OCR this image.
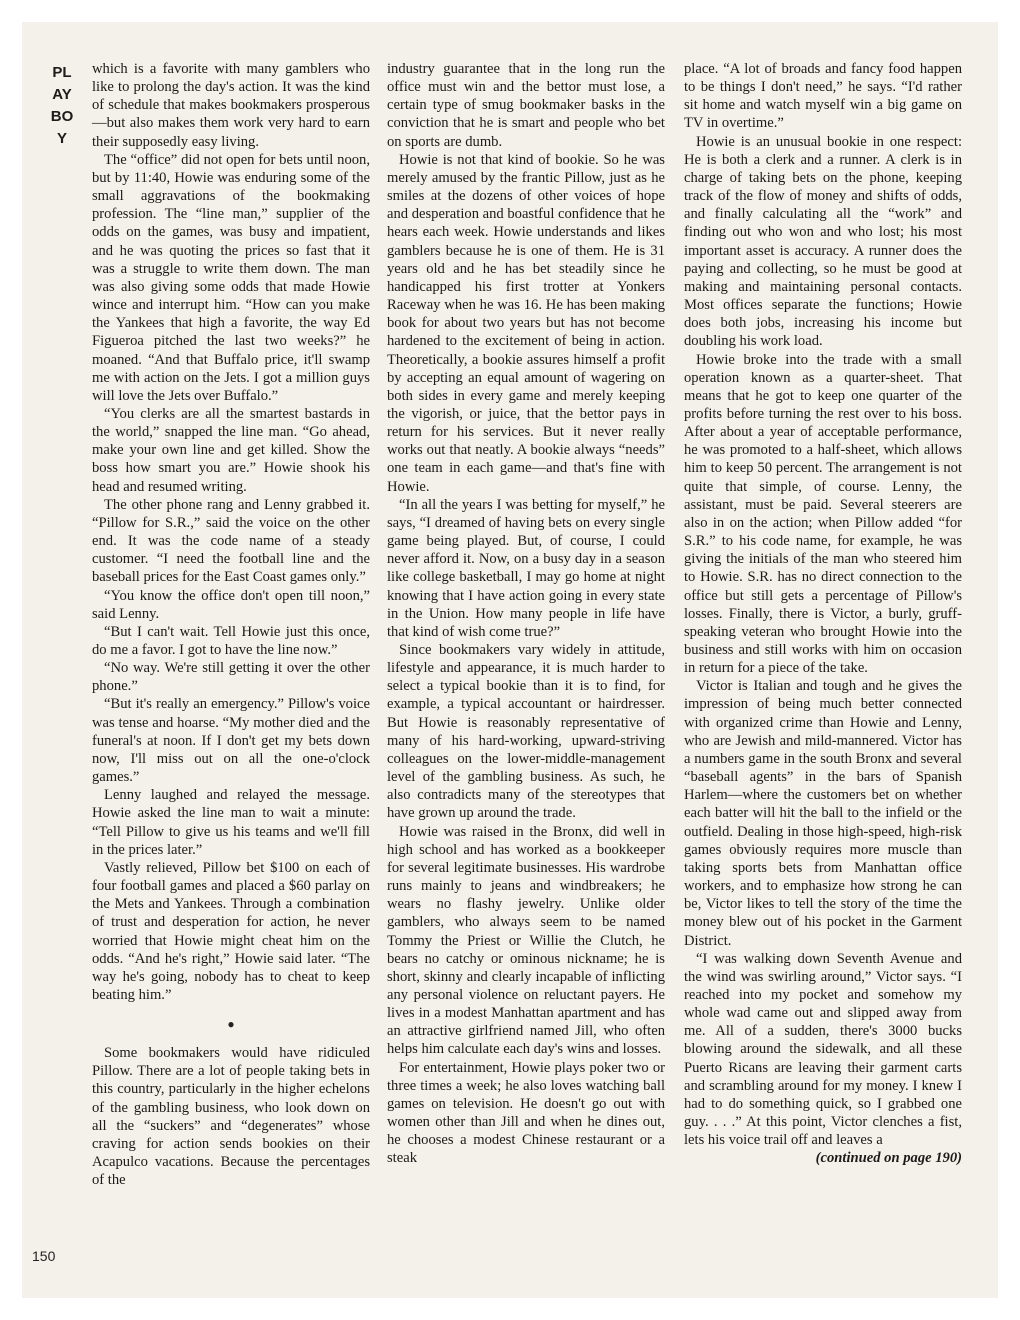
PLAYBOY

which is a favorite with many gamblers who like to prolong the day's action. It was the kind of schedule that makes bookmakers prosperous—but also makes them work very hard to earn their supposedly easy living.

The “office” did not open for bets until noon, but by 11:40, Howie was enduring some of the small aggravations of the bookmaking profession. The “line man,” supplier of the odds on the games, was busy and impatient, and he was quoting the prices so fast that it was a struggle to write them down. The man was also giving some odds that made Howie wince and interrupt him. “How can you make the Yankees that high a favorite, the way Ed Figueroa pitched the last two weeks?” he moaned. “And that Buffalo price, it'll swamp me with action on the Jets. I got a million guys will love the Jets over Buffalo.”

“You clerks are all the smartest bastards in the world,” snapped the line man. “Go ahead, make your own line and get killed. Show the boss how smart you are.” Howie shook his head and resumed writing.

The other phone rang and Lenny grabbed it. “Pillow for S.R.,” said the voice on the other end. It was the code name of a steady customer. “I need the football line and the baseball prices for the East Coast games only.”

“You know the office don't open till noon,” said Lenny.

“But I can't wait. Tell Howie just this once, do me a favor. I got to have the line now.”

“No way. We're still getting it over the other phone.”

“But it's really an emergency.” Pillow's voice was tense and hoarse. “My mother died and the funeral's at noon. If I don't get my bets down now, I'll miss out on all the one-o'clock games.”

Lenny laughed and relayed the message. Howie asked the line man to wait a minute: “Tell Pillow to give us his teams and we'll fill in the prices later.”

Vastly relieved, Pillow bet $100 on each of four football games and placed a $60 parlay on the Mets and Yankees. Through a combination of trust and desperation for action, he never worried that Howie might cheat him on the odds. “And he's right,” Howie said later. “The way he's going, nobody has to cheat to keep beating him.”

●

Some bookmakers would have ridiculed Pillow. There are a lot of people taking bets in this country, particularly in the higher echelons of the gambling business, who look down on all the “suckers” and “degenerates” whose craving for action sends bookies on their Acapulco vacations. Because the percentages of the

industry guarantee that in the long run the office must win and the bettor must lose, a certain type of smug bookmaker basks in the conviction that he is smart and people who bet on sports are dumb.

Howie is not that kind of bookie. So he was merely amused by the frantic Pillow, just as he smiles at the dozens of other voices of hope and desperation and boastful confidence that he hears each week. Howie understands and likes gamblers because he is one of them. He is 31 years old and he has bet steadily since he handicapped his first trotter at Yonkers Raceway when he was 16. He has been making book for about two years but has not become hardened to the excitement of being in action. Theoretically, a bookie assures himself a profit by accepting an equal amount of wagering on both sides in every game and merely keeping the vigorish, or juice, that the bettor pays in return for his services. But it never really works out that neatly. A bookie always “needs” one team in each game—and that's fine with Howie.

“In all the years I was betting for myself,” he says, “I dreamed of having bets on every single game being played. But, of course, I could never afford it. Now, on a busy day in a season like college basketball, I may go home at night knowing that I have action going in every state in the Union. How many people in life have that kind of wish come true?”

Since bookmakers vary widely in attitude, lifestyle and appearance, it is much harder to select a typical bookie than it is to find, for example, a typical accountant or hairdresser. But Howie is reasonably representative of many of his hard-working, upward-striving colleagues on the lower-middle-management level of the gambling business. As such, he also contradicts many of the stereotypes that have grown up around the trade.

Howie was raised in the Bronx, did well in high school and has worked as a bookkeeper for several legitimate businesses. His wardrobe runs mainly to jeans and windbreakers; he wears no flashy jewelry. Unlike older gamblers, who always seem to be named Tommy the Priest or Willie the Clutch, he bears no catchy or ominous nickname; he is short, skinny and clearly incapable of inflicting any personal violence on reluctant payers. He lives in a modest Manhattan apartment and has an attractive girlfriend named Jill, who often helps him calculate each day's wins and losses.

For entertainment, Howie plays poker two or three times a week; he also loves watching ball games on television. He doesn't go out with women other than Jill and when he dines out, he chooses a modest Chinese restaurant or a steak

place. “A lot of broads and fancy food happen to be things I don't need,” he says. “I'd rather sit home and watch myself win a big game on TV in overtime.”

Howie is an unusual bookie in one respect: He is both a clerk and a runner. A clerk is in charge of taking bets on the phone, keeping track of the flow of money and shifts of odds, and finally calculating all the “work” and finding out who won and who lost; his most important asset is accuracy. A runner does the paying and collecting, so he must be good at making and maintaining personal contacts. Most offices separate the functions; Howie does both jobs, increasing his income but doubling his work load.

Howie broke into the trade with a small operation known as a quarter-sheet. That means that he got to keep one quarter of the profits before turning the rest over to his boss. After about a year of acceptable performance, he was promoted to a half-sheet, which allows him to keep 50 percent. The arrangement is not quite that simple, of course. Lenny, the assistant, must be paid. Several steerers are also in on the action; when Pillow added “for S.R.” to his code name, for example, he was giving the initials of the man who steered him to Howie. S.R. has no direct connection to the office but still gets a percentage of Pillow's losses. Finally, there is Victor, a burly, gruff-speaking veteran who brought Howie into the business and still works with him on occasion in return for a piece of the take.

Victor is Italian and tough and he gives the impression of being much better connected with organized crime than Howie and Lenny, who are Jewish and mild-mannered. Victor has a numbers game in the south Bronx and several “baseball agents” in the bars of Spanish Harlem—where the customers bet on whether each batter will hit the ball to the infield or the outfield. Dealing in those high-speed, high-risk games obviously requires more muscle than taking sports bets from Manhattan office workers, and to emphasize how strong he can be, Victor likes to tell the story of the time the money blew out of his pocket in the Garment District.

“I was walking down Seventh Avenue and the wind was swirling around,” Victor says. “I reached into my pocket and somehow my whole wad came out and slipped away from me. All of a sudden, there's 3000 bucks blowing around the sidewalk, and all these Puerto Ricans are leaving their garment carts and scrambling around for my money. I knew I had to do something quick, so I grabbed one guy. . . .” At this point, Victor clenches a fist, lets his voice trail off and leaves a

(continued on page 190)

150
